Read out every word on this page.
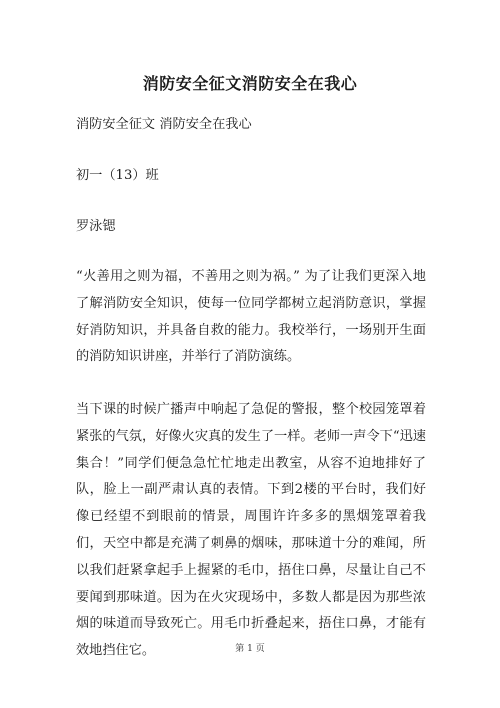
消防安全征文消防安全在我心
消防安全征文 消防安全在我心
初一（13）班
罗泳锶
“火善用之则为福，不善用之则为祸。” 为了让我们更深入地了解消防安全知识，使每一位同学都树立起消防意识，掌握好消防知识，并具备自救的能力。我校举行，一场别开生面的消防知识讲座，并举行了消防演练。
当下课的时候广播声中响起了急促的警报，整个校园笼罩着紧张的气氛，好像火灾真的发生了一样。老师一声令下“迅速集合！”同学们便急急忙忙地走出教室，从容不迫地排好了队，脸上一副严肃认真的表情。下到2楼的平台时，我们好像已经望不到眼前的情景，周围许许多多的黑烟笼罩着我们，天空中都是充满了刺鼻的烟味，那味道十分的难闻，所以我们赶紧拿起手上握紧的毛巾，捂住口鼻，尽量让自己不要闻到那味道。因为在火灾现场中，多数人都是因为那些浓烟的味道而导致死亡。用毛巾折叠起来，捂住口鼻，才能有效地挡住它。	第 1 页
